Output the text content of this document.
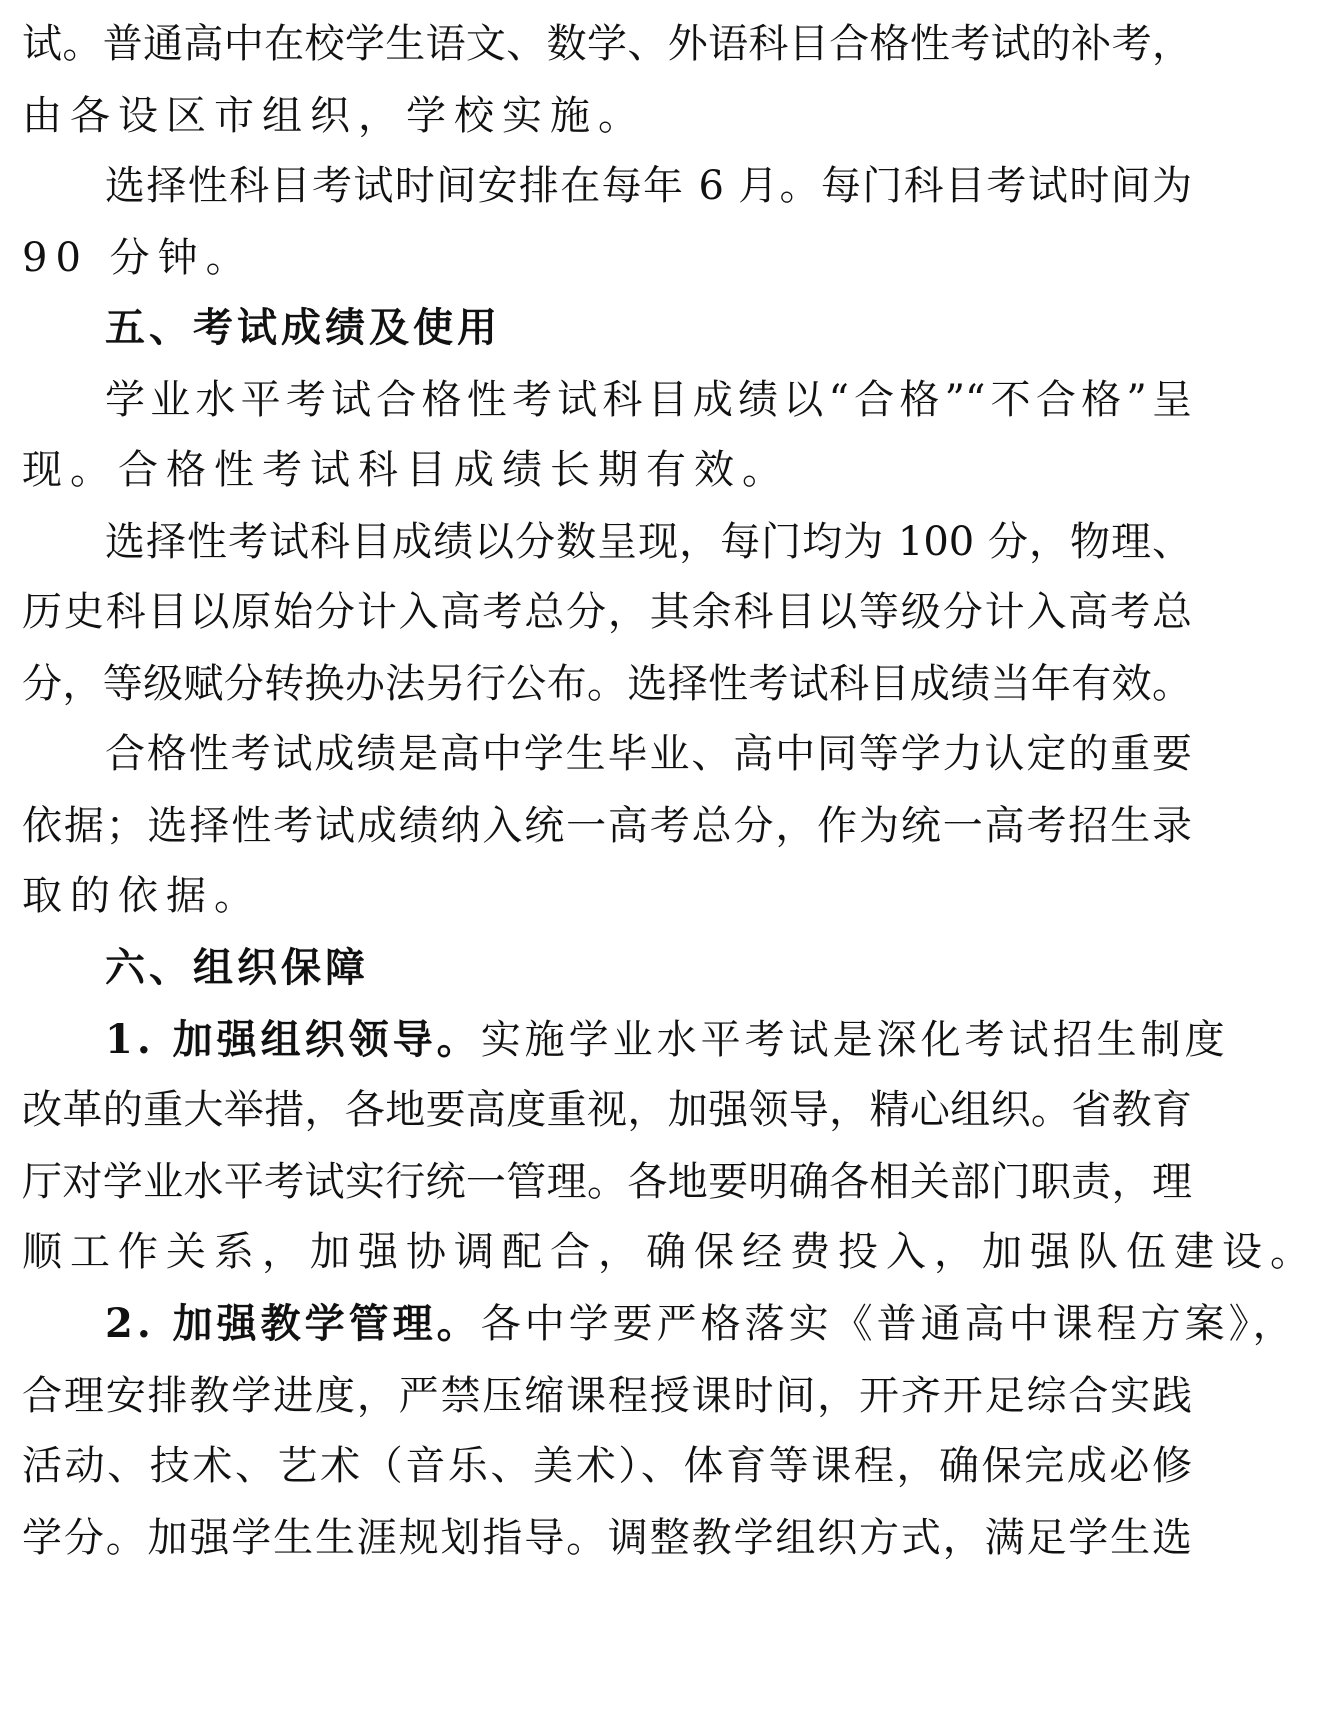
试。普通高中在校学生语文、数学、外语科目合格性考试的补考，
由各设区市组织，学校实施。
选择性科目考试时间安排在每年 6 月。每门科目考试时间为
90 分钟。
五、考试成绩及使用
学业水平考试合格性考试科目成绩以“合格”“不合格”呈
现。合格性考试科目成绩长期有效。
选择性考试科目成绩以分数呈现，每门均为 100 分，物理、
历史科目以原始分计入高考总分，其余科目以等级分计入高考总
分，等级赋分转换办法另行公布。选择性考试科目成绩当年有效。
合格性考试成绩是高中学生毕业、高中同等学力认定的重要
依据；选择性考试成绩纳入统一高考总分，作为统一高考招生录
取的依据。
六、组织保障
1. 加强组织领导。实施学业水平考试是深化考试招生制度
改革的重大举措，各地要高度重视，加强领导，精心组织。省教育
厅对学业水平考试实行统一管理。各地要明确各相关部门职责，理
顺工作关系，加强协调配合，确保经费投入，加强队伍建设。
2. 加强教学管理。各中学要严格落实《普通高中课程方案》，
合理安排教学进度，严禁压缩课程授课时间，开齐开足综合实践
活动、技术、艺术（音乐、美术）、体育等课程，确保完成必修
学分。加强学生生涯规划指导。调整教学组织方式，满足学生选
